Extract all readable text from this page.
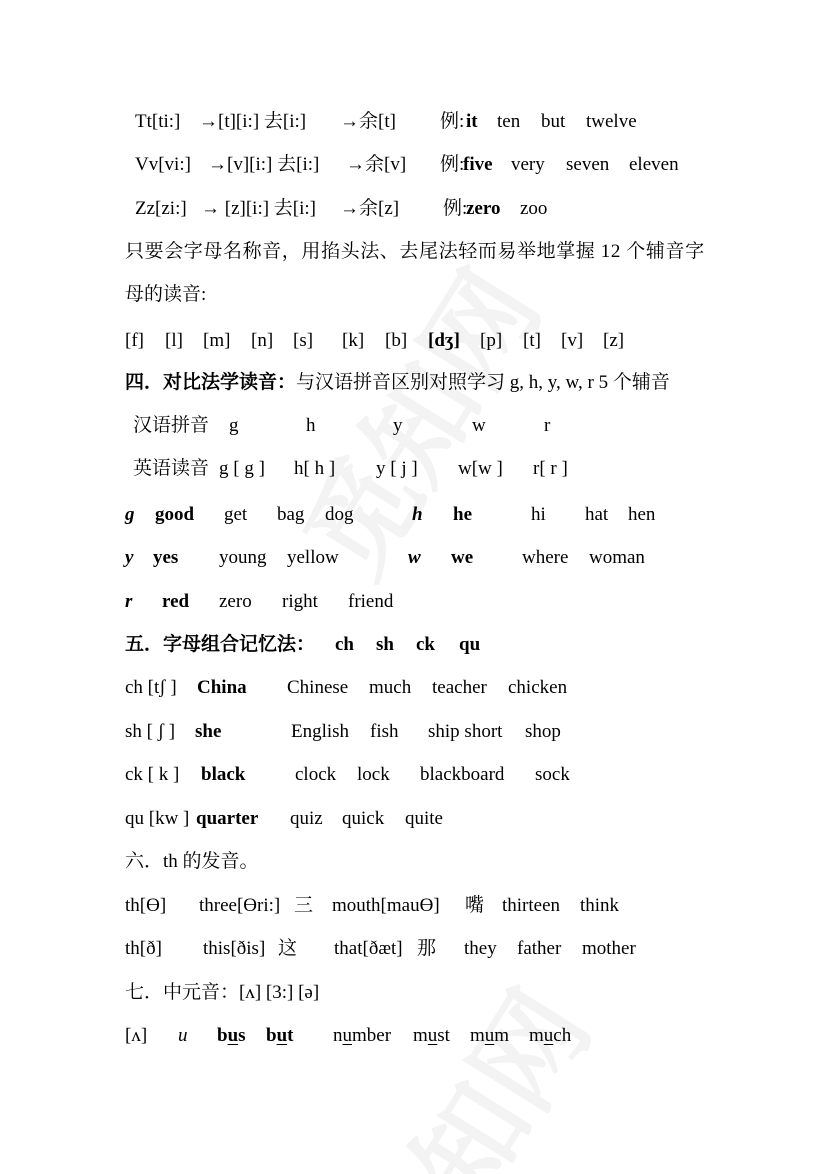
Tt[ti:] →[t][i:] 去[i:] →余[t] 例: it ten but twelve
Vv[vi:] →[v][i:] 去[i:] →余[v] 例:
five very seven eleven
Zz[zi:] → [z][i:] 去[i:] →余[z] 例:
zero zoo
只要会字母名称音，用掐头法、去尾法轻而易举地掌握 12 个辅音字
母的读音:
[f] [l] [m] [n] [s] [k] [b] [dʒ] [p] [t] [v] [z]
四．对比法学读音：与汉语拼音区别对照学习 g, h, y, w, r 5 个辅音
汉语拼音 g	h	y	w	r
英语读音 g [ g ] h[ h ] y [ j ] w[w ] r[ r ]
g good get bag dog	h he	hi hat hen
y yes young yellow	w we	where woman
r red zero right friend
五．字母组合记忆法： ch sh ck qu
ch [tʃ ] China Chinese much teacher chicken
sh [ ʃ ] she	English fish ship short shop
ck [ k ] black	clock lock blackboard sock
qu [kw ] quarter quiz quick quite
六．th 的发音。
th[Ɵ] three[Ɵri:] 三 mouth[mauƟ] 嘴 thirteen think
th[ð] this[ðis] 这 that[ðæt] 那 they father mother
七．中元音：[ʌ] [3:] [ə]
[ʌ] u bus but number must mum much
